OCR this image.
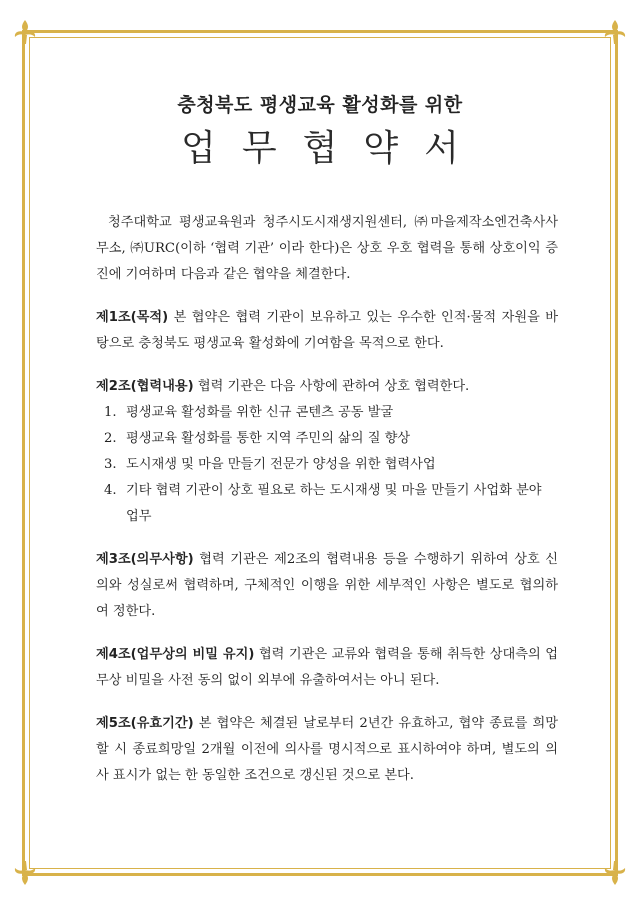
충청북도 평생교육 활성화를 위한
업무협약서

청주대학교 평생교육원과 청주시도시재생지원센터, ㈜마을제작소엔건축사사무소, ㈜URC(이하 ‘협력 기관’ 이라 한다)은 상호 우호 협력을 통해 상호이익 증진에 기여하며 다음과 같은 협약을 체결한다.

제1조(목적) 본 협약은 협력 기관이 보유하고 있는 우수한 인적·물적 자원을 바탕으로 충청북도 평생교육 활성화에 기여함을 목적으로 한다.

제2조(협력내용) 협력 기관은 다음 사항에 관하여 상호 협력한다.

1. 평생교육 활성화를 위한 신규 콘텐츠 공동 발굴
2. 평생교육 활성화를 통한 지역 주민의 삶의 질 향상
3. 도시재생 및 마을 만들기 전문가 양성을 위한 협력사업
4. 기타 협력 기관이 상호 필요로 하는 도시재생 및 마을 만들기 사업화 분야 업무

제3조(의무사항) 협력 기관은 제2조의 협력내용 등을 수행하기 위하여 상호 신의와 성실로써 협력하며, 구체적인 이행을 위한 세부적인 사항은 별도로 협의하여 정한다.

제4조(업무상의 비밀 유지) 협력 기관은 교류와 협력을 통해 취득한 상대측의 업무상 비밀을 사전 동의 없이 외부에 유출하여서는 아니 된다.

제5조(유효기간) 본 협약은 체결된 날로부터 2년간 유효하고, 협약 종료를 희망할 시 종료희망일 2개월 이전에 의사를 명시적으로 표시하여야 하며, 별도의 의사 표시가 없는 한 동일한 조건으로 갱신된 것으로 본다.
